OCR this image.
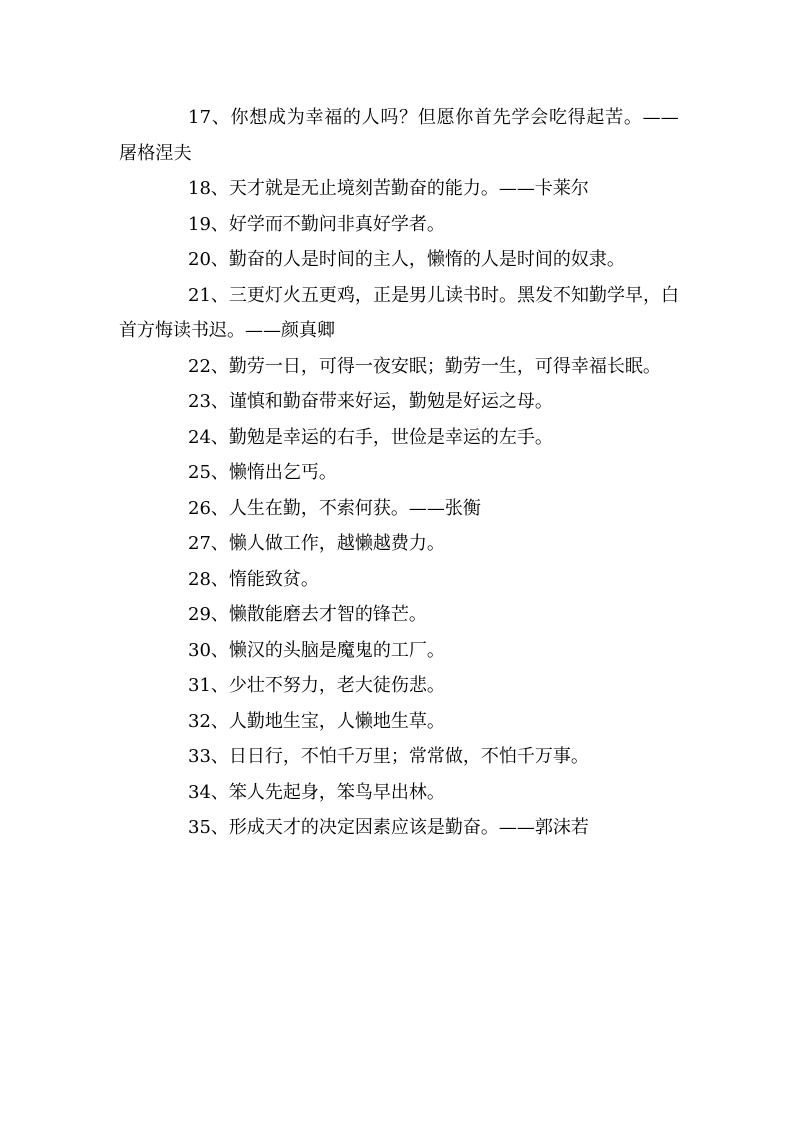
17、你想成为幸福的人吗？但愿你首先学会吃得起苦。——屠格涅夫

18、天才就是无止境刻苦勤奋的能力。——卡莱尔

19、好学而不勤问非真好学者。

20、勤奋的人是时间的主人，懒惰的人是时间的奴隶。

21、三更灯火五更鸡，正是男儿读书时。黑发不知勤学早，白首方悔读书迟。——颜真卿

22、勤劳一日，可得一夜安眠；勤劳一生，可得幸福长眠。

23、谨慎和勤奋带来好运，勤勉是好运之母。

24、勤勉是幸运的右手，世俭是幸运的左手。

25、懒惰出乞丐。

26、人生在勤，不索何获。——张衡

27、懒人做工作，越懒越费力。

28、惰能致贫。

29、懒散能磨去才智的锋芒。

30、懒汉的头脑是魔鬼的工厂。

31、少壮不努力，老大徒伤悲。

32、人勤地生宝，人懒地生草。

33、日日行，不怕千万里；常常做，不怕千万事。

34、笨人先起身，笨鸟早出林。

35、形成天才的决定因素应该是勤奋。——郭沫若
